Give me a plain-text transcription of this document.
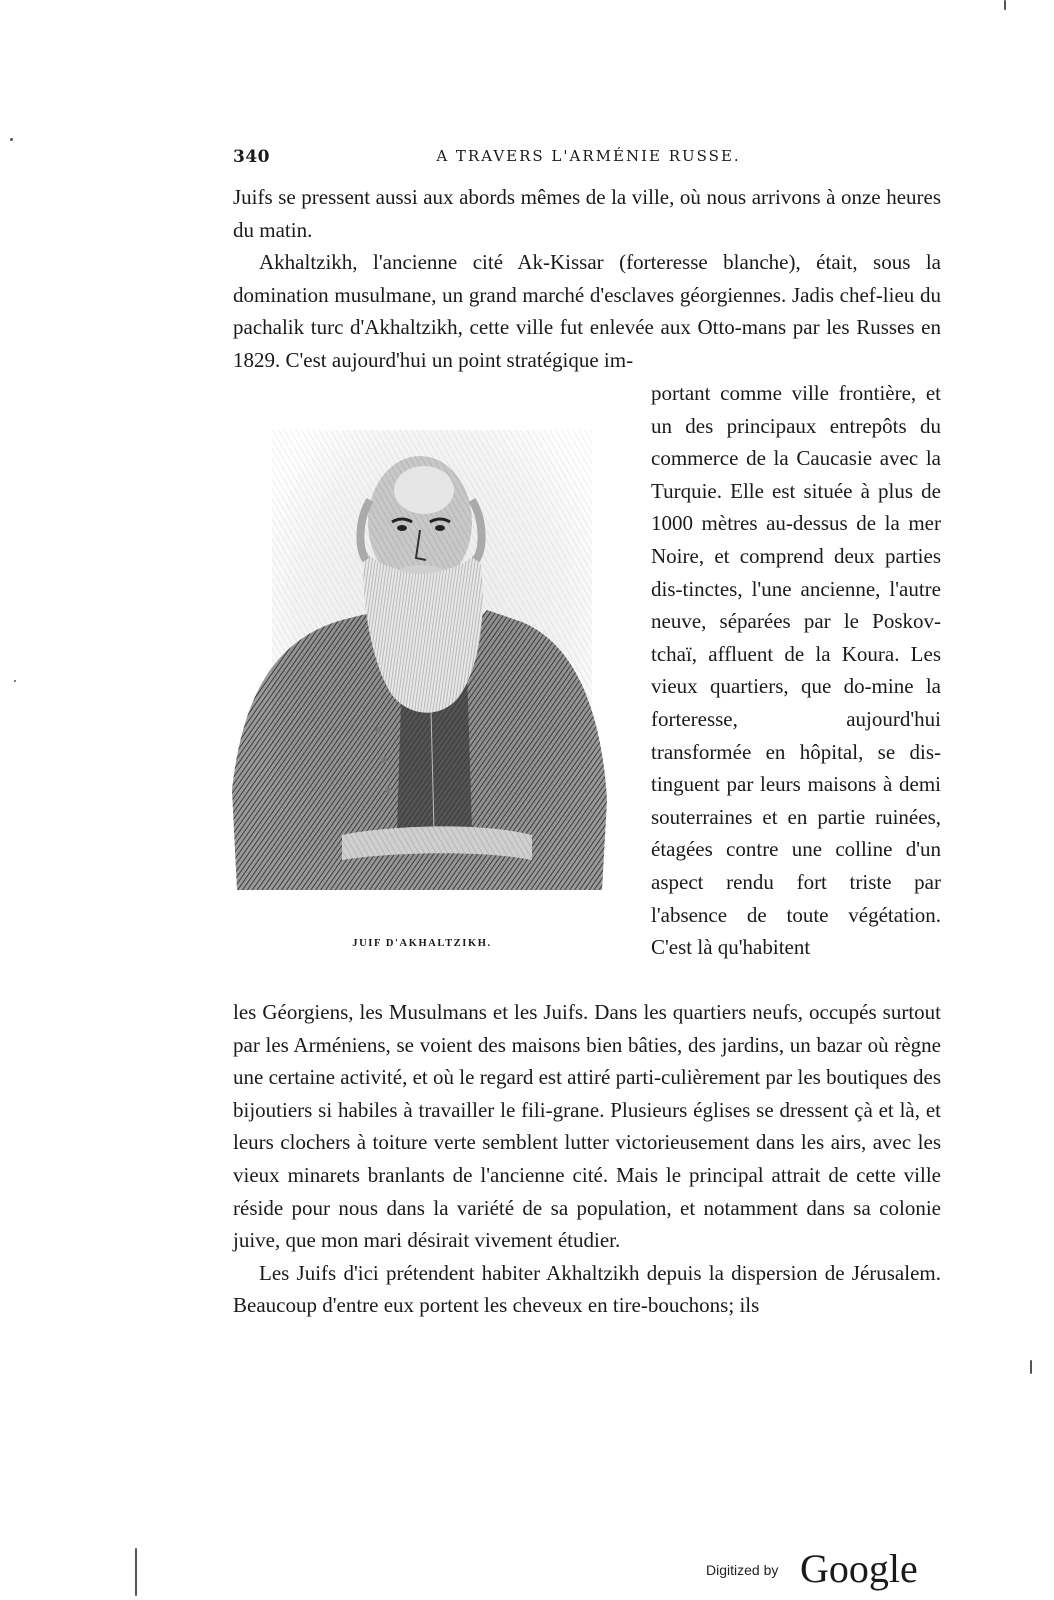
340	A TRAVERS L'ARMÉNIE RUSSE.

Juifs se pressent aussi aux abords mêmes de la ville, où nous arrivons à onze heures du matin.

Akhaltzikh, l'ancienne cité Ak-Kissar (forteresse blanche), était, sous la domination musulmane, un grand marché d'esclaves géorgiennes. Jadis chef-lieu du pachalik turc d'Akhaltzikh, cette ville fut enlevée aux Otto-mans par les Russes en 1829. C'est aujourd'hui un point stratégique im-

portant comme ville frontière, et un des principaux entrepôts du commerce de la Caucasie avec la Turquie. Elle est située à plus de 1000 mètres au-dessus de la mer Noire, et comprend deux parties dis-tinctes, l'une ancienne, l'autre neuve, séparées par le Poskov-tchaï, affluent de la Koura. Les vieux quartiers, que do-mine la forteresse, aujourd'hui transformée en hôpital, se dis-tinguent par leurs maisons à demi souterraines et en partie ruinées, étagées contre une colline d'un aspect rendu fort triste par l'absence de toute végétation. C'est là qu'habitent

JUIF D'AKHALTZIKH.

les Géorgiens, les Musulmans et les Juifs. Dans les quartiers neufs, occupés surtout par les Arméniens, se voient des maisons bien bâties, des jardins, un bazar où règne une certaine activité, et où le regard est attiré parti-culièrement par les boutiques des bijoutiers si habiles à travailler le fili-grane. Plusieurs églises se dressent çà et là, et leurs clochers à toiture verte semblent lutter victorieusement dans les airs, avec les vieux minarets branlants de l'ancienne cité. Mais le principal attrait de cette ville réside pour nous dans la variété de sa population, et notamment dans sa colonie juive, que mon mari désirait vivement étudier.

Les Juifs d'ici prétendent habiter Akhaltzikh depuis la dispersion de Jérusalem. Beaucoup d'entre eux portent les cheveux en tire-bouchons; ils

Digitized by Google
